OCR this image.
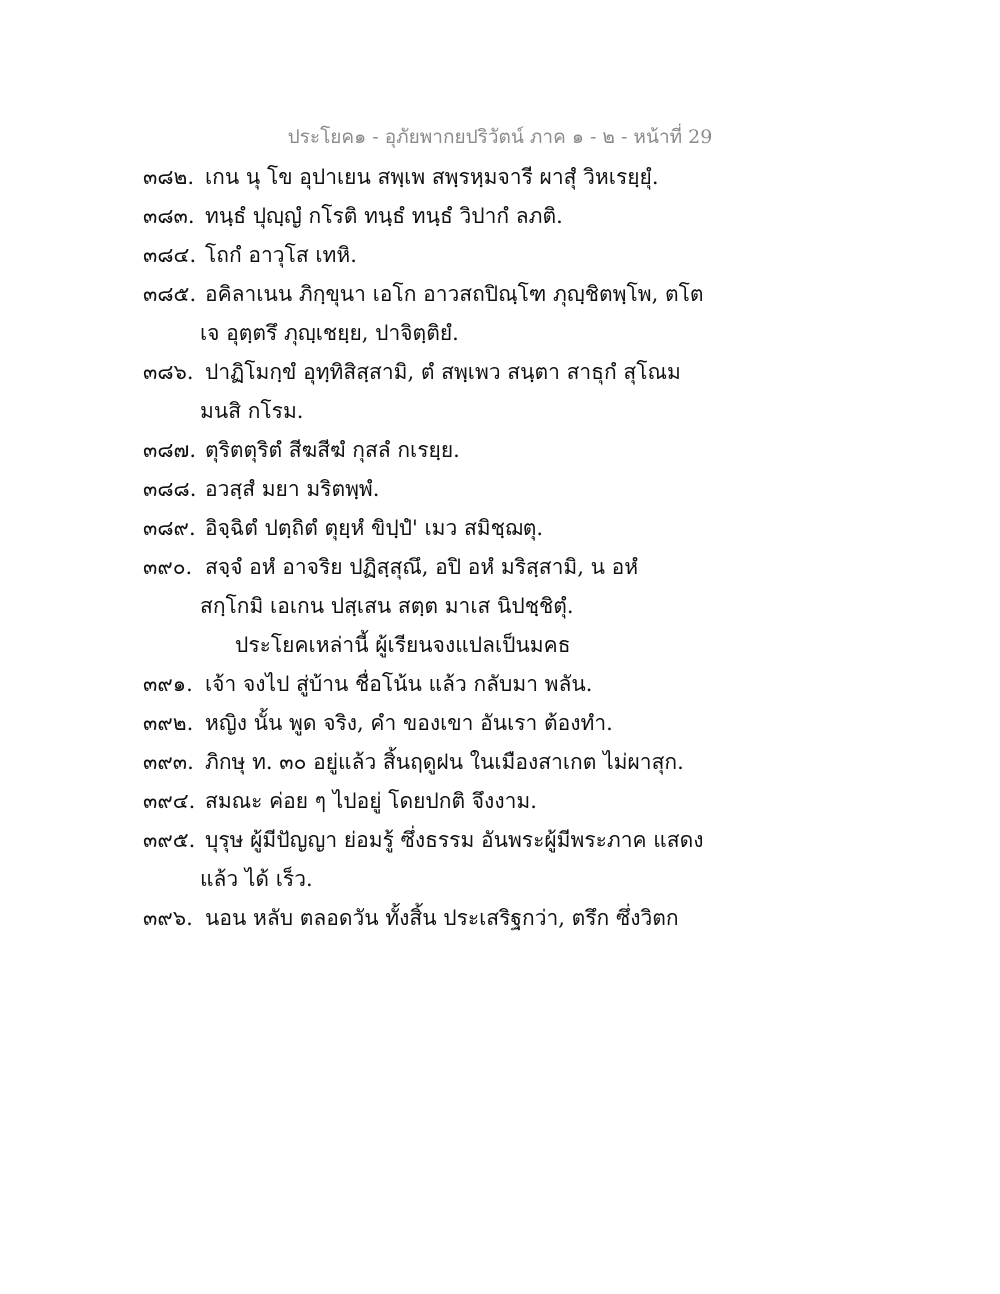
ประโยค๑ - อุภัยพากยปริวัตน์ ภาค ๑ - ๒ - หน้าที่ 29
๓๘๒. เกน นุ โข อุปาเยน สพฺเพ สพฺรหฺมจารี ผาสุํ วิหเรยฺยุํ.
๓๘๓. ทนฺธํ ปุญฺญํ กโรติ ทนฺธํ ทนฺธํ วิปากํ ลภติ.
๓๘๔. โถกํ อาวุโส เทหิ.
๓๘๕. อคิลาเนน ภิกฺขุนา เอโก อาวสถปิณฺโฑ ภุญฺชิตพฺโพ, ตโต
เจ อุตฺตรึ ภุญฺเชยฺย, ปาจิตฺติยํ.
๓๘๖. ปาฏิโมกฺขํ อุทฺทิสิสฺสามิ, ตํ สพฺเพว สนฺตา สาธุกํ สุโณม
มนสิ กโรม.
๓๘๗. ตุริตตุริตํ สีฆสีฆํ กุสลํ กเรยฺย.
๓๘๘. อวสฺสํ มยา มริตพฺพํ.
๓๘๙. อิจฺฉิตํ ปตฺถิตํ ตุยฺหํ ขิปฺปํ' เมว สมิชฺฌตุ.
๓๙๐. สจฺจํ อหํ อาจริย ปฏิสฺสุณึ, อปิ อหํ มริสฺสามิ, น อหํ
สกฺโกมิ เอเกน ปสฺเสน สตฺต มาเส นิปชฺชิตุํ.
ประโยคเหล่านี้ ผู้เรียนจงแปลเป็นมคธ
๓๙๑. เจ้า จงไป สู่บ้าน ชื่อโน้น แล้ว กลับมา พลัน.
๓๙๒. หญิง นั้น พูด จริง, คำ ของเขา อันเรา ต้องทำ.
๓๙๓. ภิกษุ ท. ๓๐ อยู่แล้ว สิ้นฤดูฝน ในเมืองสาเกต ไม่ผาสุก.
๓๙๔. สมณะ ค่อย ๆ ไปอยู่ โดยปกติ จึงงาม.
๓๙๕. บุรุษ ผู้มีปัญญา ย่อมรู้ ซึ่งธรรม อันพระผู้มีพระภาค แสดง
แล้ว ได้ เร็ว.
๓๙๖. นอน หลับ ตลอดวัน ทั้งสิ้น ประเสริฐกว่า, ตรึก ซึ่งวิตก
